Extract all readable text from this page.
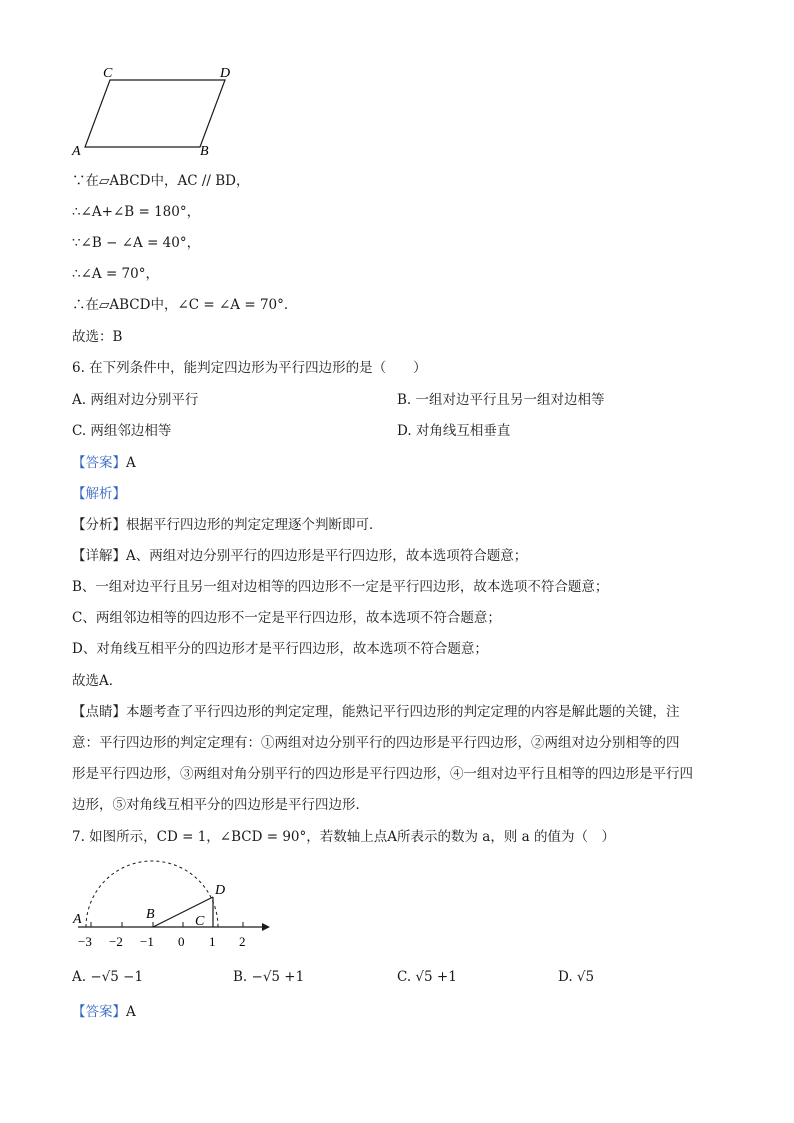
C	D
A	B
∵在▱ABCD中，AC // BD，
∴∠A+∠B = 180°，
∵∠B − ∠A = 40°，
∴∠A = 70°，
∴在▱ABCD中，∠C = ∠A = 70°．
故选：B
6. 在下列条件中，能判定四边形为平行四边形的是（　　）
A. 两组对边分别平行	B. 一组对边平行且另一组对边相等
C. 两组邻边相等	D. 对角线互相垂直
【答案】A
【解析】
【分析】根据平行四边形的判定定理逐个判断即可．
【详解】A、两组对边分别平行的四边形是平行四边形，故本选项符合题意；
B、一组对边平行且另一组对边相等的四边形不一定是平行四边形，故本选项不符合题意；
C、两组邻边相等的四边形不一定是平行四边形，故本选项不符合题意；
D、对角线互相平分的四边形才是平行四边形，故本选项不符合题意；
故选A．
【点睛】本题考查了平行四边形的判定定理，能熟记平行四边形的判定定理的内容是解此题的关键，注
意：平行四边形的判定定理有：①两组对边分别平行的四边形是平行四边形，②两组对边分别相等的四
形是平行四边形，③两组对角分别平行的四边形是平行四边形，④一组对边平行且相等的四边形是平行四
边形，⑤对角线互相平分的四边形是平行四边形．
7. 如图所示，CD = 1，∠BCD = 90°，若数轴上点A所表示的数为 a，则 a 的值为（　）
A	B	C
D
−3 −2 −1 0 1 2
A. −√5 −1	B. −√5 +1	C. √5 +1	D. √5
【答案】A
